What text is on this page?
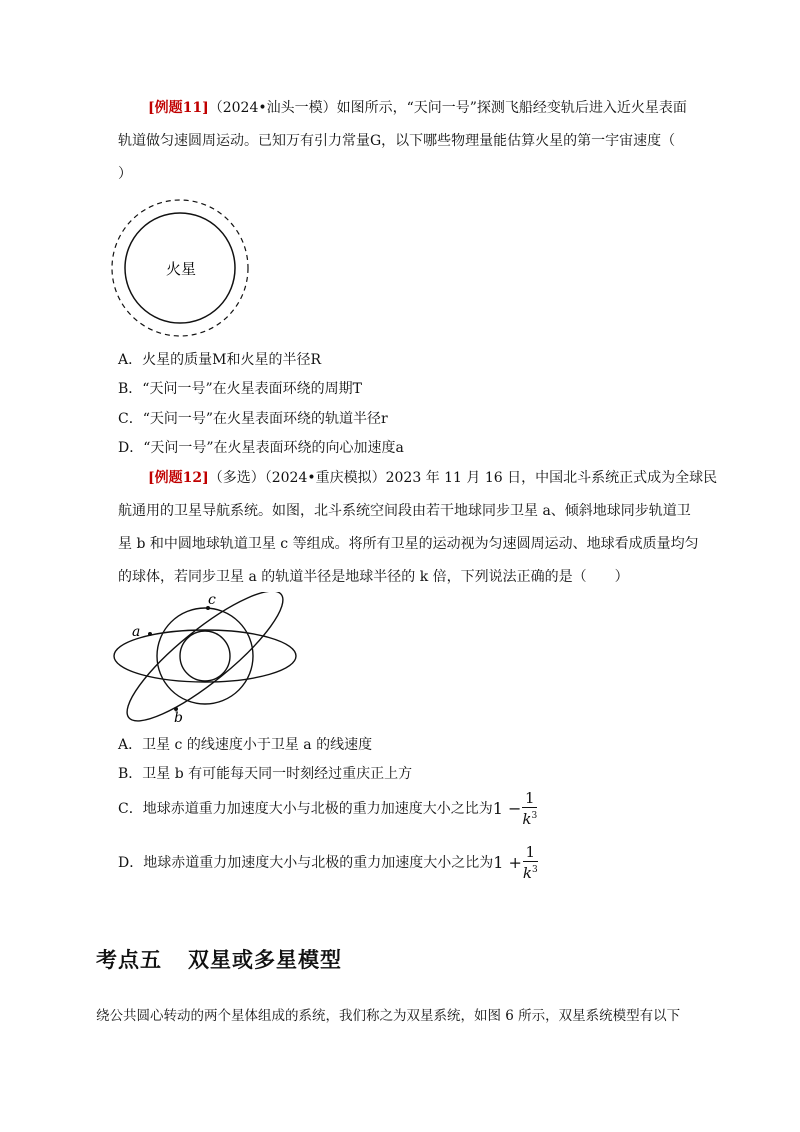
[例题11]（2024•汕头一模）如图所示，“天问一号”探测飞船经变轨后进入近火星表面
轨道做匀速圆周运动。已知万有引力常量G，以下哪些物理量能估算火星的第一宇宙速度（
）
火星
A．火星的质量M和火星的半径R
B．“天问一号”在火星表面环绕的周期T
C．“天问一号”在火星表面环绕的轨道半径r
D．“天问一号”在火星表面环绕的向心加速度a
[例题12]（多选）（2024•重庆模拟）2023 年 11 月 16 日，中国北斗系统正式成为全球民
航通用的卫星导航系统。如图，北斗系统空间段由若干地球同步卫星 a、倾斜地球同步轨道卫
星 b 和中圆地球轨道卫星 c 等组成。将所有卫星的运动视为匀速圆周运动、地球看成质量均匀
的球体，若同步卫星 a 的轨道半径是地球半径的 k 倍，下列说法正确的是（　　）
a
b
c
A．卫星 c 的线速度小于卫星 a 的线速度
B．卫星 b 有可能每天同一时刻经过重庆正上方
C．地球赤道重力加速度大小与北极的重力加速度大小之比为$1 - \frac{1}{k^3}$
D．地球赤道重力加速度大小与北极的重力加速度大小之比为$1 + \frac{1}{k^3}$
考点五 双星或多星模型
绕公共圆心转动的两个星体组成的系统，我们称之为双星系统，如图 6 所示，双星系统模型有以下
